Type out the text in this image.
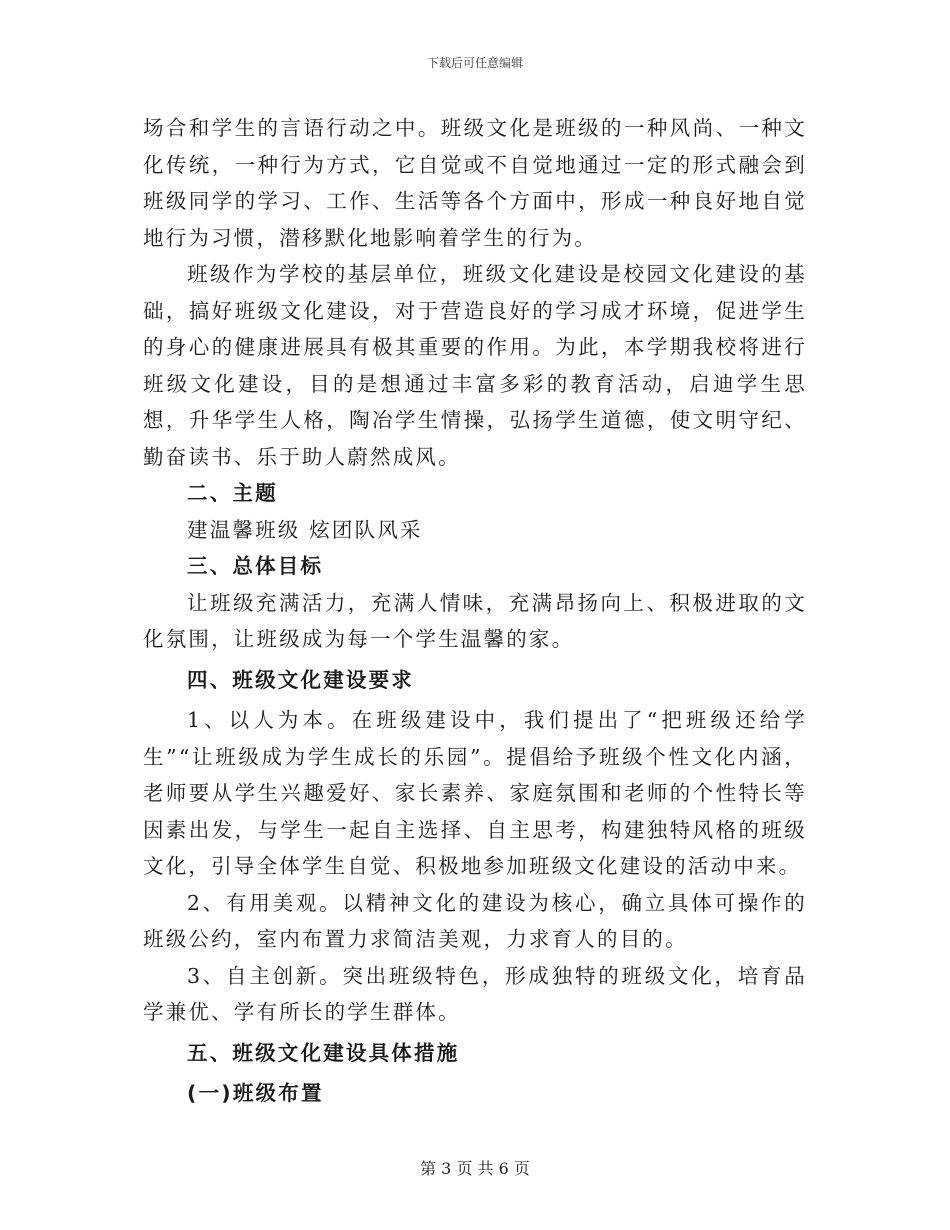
下载后可任意编辑

场合和学生的言语行动之中。班级文化是班级的一种风尚、一种文化传统，一种行为方式，它自觉或不自觉地通过一定的形式融会到班级同学的学习、工作、生活等各个方面中，形成一种良好地自觉地行为习惯，潜移默化地影响着学生的行为。

班级作为学校的基层单位，班级文化建设是校园文化建设的基础，搞好班级文化建设，对于营造良好的学习成才环境，促进学生的身心的健康进展具有极其重要的作用。为此，本学期我校将进行班级文化建设，目的是想通过丰富多彩的教育活动，启迪学生思想，升华学生人格，陶冶学生情操，弘扬学生道德，使文明守纪、勤奋读书、乐于助人蔚然成风。

二、主题

建温馨班级 炫团队风采

三、总体目标

让班级充满活力，充满人情味，充满昂扬向上、积极进取的文化氛围，让班级成为每一个学生温馨的家。

四、班级文化建设要求

1、以人为本。在班级建设中，我们提出了“把班级还给学生”“让班级成为学生成长的乐园”。提倡给予班级个性文化内涵，老师要从学生兴趣爱好、家长素养、家庭氛围和老师的个性特长等因素出发，与学生一起自主选择、自主思考，构建独特风格的班级文化，引导全体学生自觉、积极地参加班级文化建设的活动中来。

2、有用美观。以精神文化的建设为核心，确立具体可操作的班级公约，室内布置力求简洁美观，力求育人的目的。

3、自主创新。突出班级特色，形成独特的班级文化，培育品学兼优、学有所长的学生群体。

五、班级文化建设具体措施

(一)班级布置

第 3 页 共 6 页
